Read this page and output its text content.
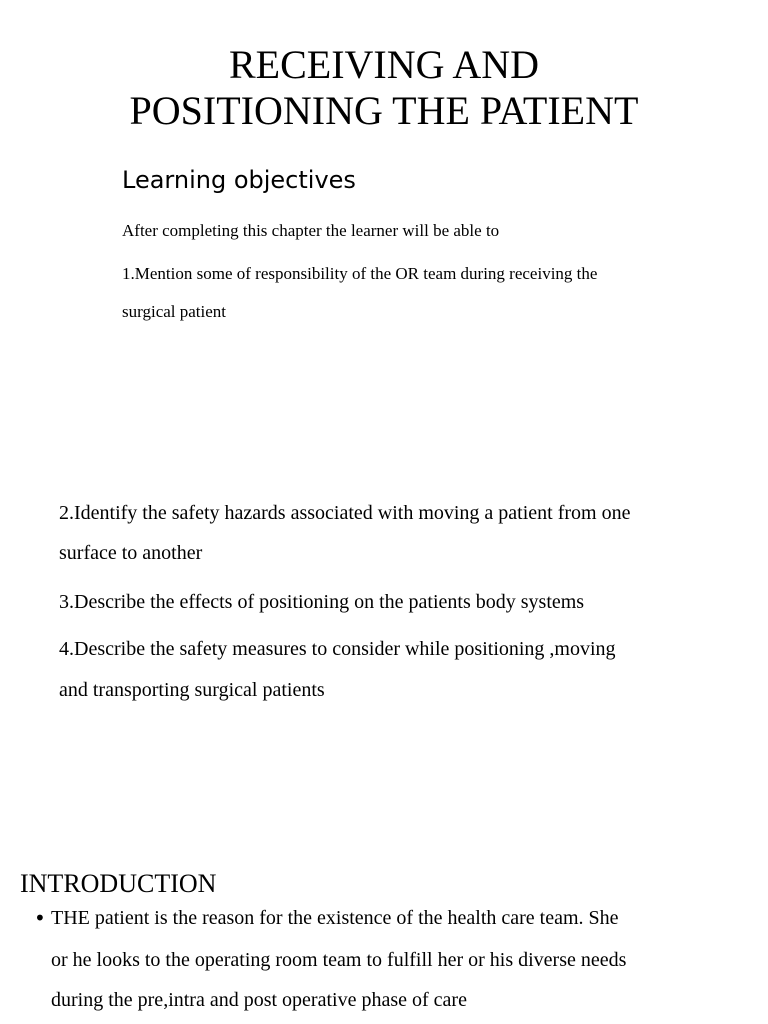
RECEIVING AND
POSITIONING THE PATIENT
Learning objectives
After completing this chapter the learner will be able to
1.Mention some of responsibility of the OR team during receiving the
surgical patient
2.Identify the safety hazards associated with moving a patient from one
surface to another
3.Describe the effects of positioning on the patients body systems
4.Describe the safety measures to consider while positioning ,moving
and transporting surgical patients
INTRODUCTION
• THE patient is the reason for the existence of the health care team. She
or he looks to the operating room team to fulfill her or his diverse needs
during the pre,intra and post operative phase of care
